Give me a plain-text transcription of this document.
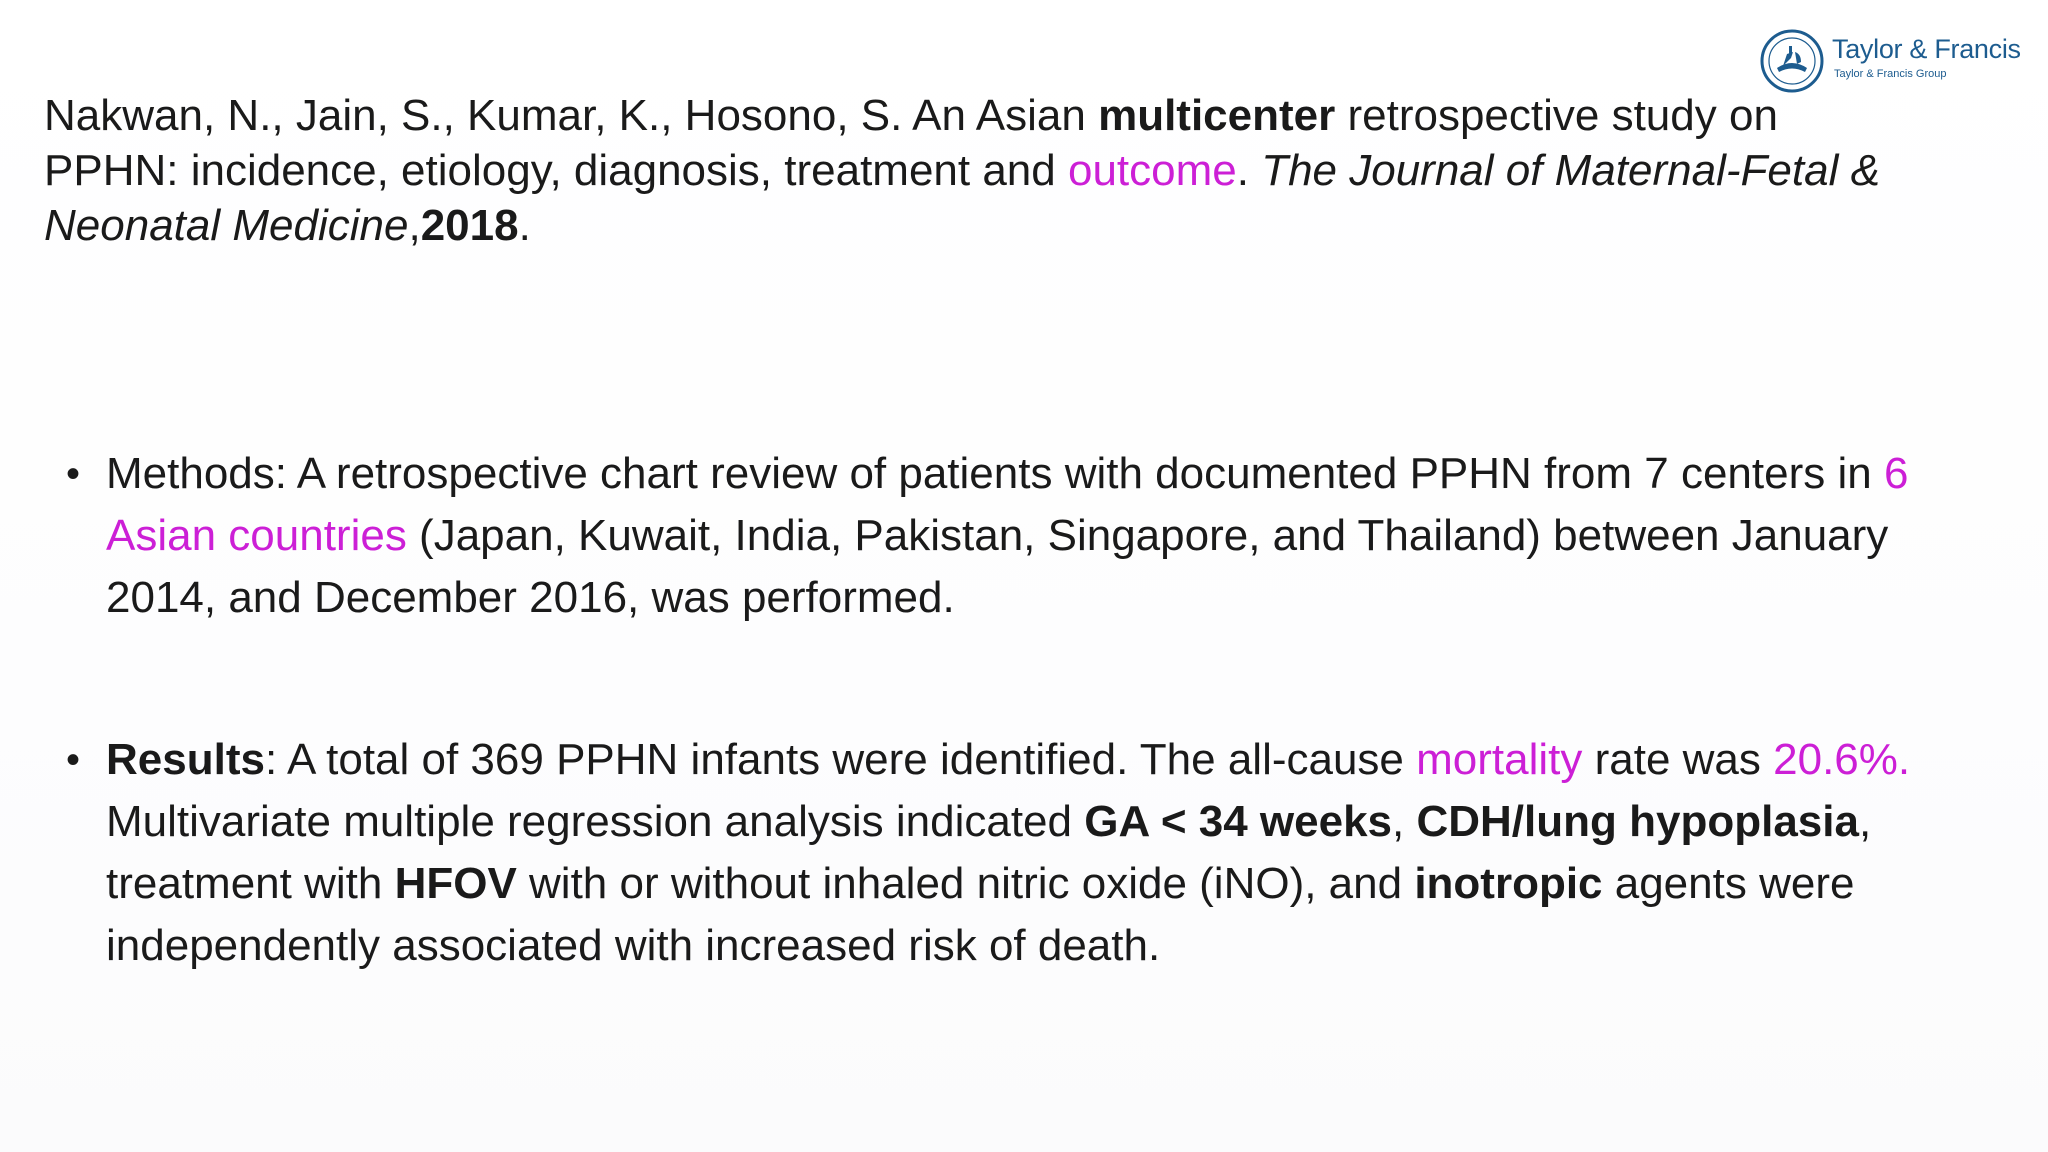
Taylor & Francis
Taylor & Francis Group
Nakwan, N., Jain, S., Kumar, K., Hosono, S. An Asian multicenter retrospective study on PPHN: incidence, etiology, diagnosis, treatment and outcome. The Journal of Maternal-Fetal & Neonatal Medicine,2018.
• Methods: A retrospective chart review of patients with documented PPHN from 7 centers in 6 Asian countries (Japan, Kuwait, India, Pakistan, Singapore, and Thailand) between January 2014, and December 2016, was performed.
• Results: A total of 369 PPHN infants were identified. The all-cause mortality rate was 20.6%. Multivariate multiple regression analysis indicated GA < 34 weeks, CDH/lung hypoplasia, treatment with HFOV with or without inhaled nitric oxide (iNO), and inotropic agents were independently associated with increased risk of death.
